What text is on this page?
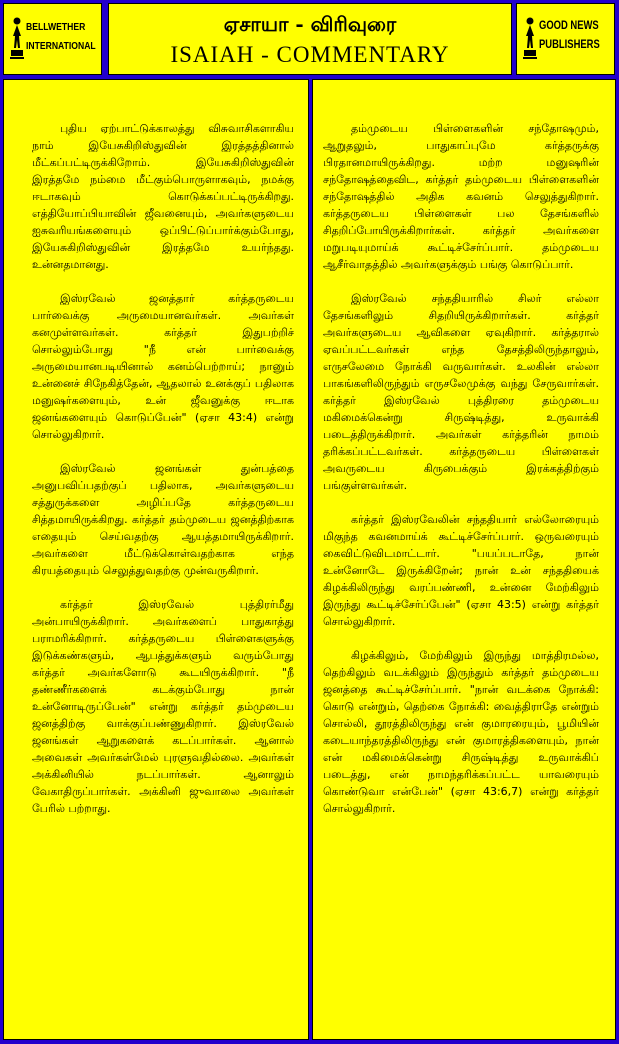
BELLWETHER
INTERNATIONAL
ஏசாயா - விரிவுரை
ISAIAH - COMMENTARY
GOOD NEWS
PUBLISHERS

புதிய ஏற்பாட்டுக்காலத்து விசுவாசிகளாகிய நாம் இயேசுகிறிஸ்துவின் இரத்தத்தினால் மீட்கப்பட்டிருக்கிறோம். இயேசுகிறிஸ்துவின் இரத்தமே நம்மை மீட்கும்பொருளாகவும், நமக்கு ஈடாகவும் கொடுக்கப்பட்டிருக்கிறது. எத்தியோப்பியாவின் ஜீவனையும், அவர்களுடைய ஐசுவரியங்களையும் ஒப்பிட்டுப்பார்க்கும்போது, இயேசுகிறிஸ்துவின் இரத்தமே உயர்ந்தது. உன்னதமானது.

இஸ்ரவேல் ஜனத்தார் கர்த்தருடைய பார்வைக்கு அருமையானவர்கள். அவர்கள் கனமுள்ளவர்கள். கர்த்தர் இதுபற்றிச் சொல்லும்போது "நீ என் பார்வைக்கு அருமையானபடியினால் கனம்பெற்றாய்; நானும் உன்னைச் சிநேகித்தேன், ஆதலால் உனக்குப் பதிலாக மனுஷர்களையும், உன் ஜீவனுக்கு ஈடாக ஜனங்களையும் கொடுப்பேன்" (ஏசா 43:4) என்று சொல்லுகிறார்.

இஸ்ரவேல் ஜனங்கள் துன்பத்தை அனுபவிப்பதற்குப் பதிலாக, அவர்களுடைய சத்துருக்களை அழிப்பதே கர்த்தருடைய சித்தமாயிருக்கிறது. கர்த்தர் தம்முடைய ஜனத்திற்காக எதையும் செய்வதற்கு ஆயத்தமாயிருக்கிறார். அவர்களை மீட்டுக்கொள்வதற்காக எந்த கிரயத்தையும் செலுத்துவதற்கு முன்வருகிறார்.

கர்த்தர் இஸ்ரவேல் புத்திரர்மீது அன்பாயிருக்கிறார். அவர்களைப் பாதுகாத்து பராமரிக்கிறார். கர்த்தருடைய பிள்ளைகளுக்கு இடுக்கண்களும், ஆபத்துக்களும் வரும்போது கர்த்தர் அவர்களோடு கூடயிருக்கிறார். "நீ தண்ணீர்களைக் கடக்கும்போது நான் உன்னோடிருப்பேன்" என்று கர்த்தர் தம்முடைய ஜனத்திற்கு வாக்குப்பண்ணுகிறார். இஸ்ரவேல் ஜனங்கள் ஆறுகளைக் கடப்பார்கள். ஆனால் அவைகள் அவர்கள்மேல் புரளுவதில்லை. அவர்கள் அக்கினியில் நடப்பார்கள். ஆனாலும் வேகாதிருப்பார்கள். அக்கினி ஜுவாலை அவர்கள் பேரில் பற்றாது.

தம்முடைய பிள்ளைகளின் சந்தோஷமும், ஆறுதலும், பாதுகாப்புமே கர்த்தருக்கு பிரதானமாயிருக்கிறது. மற்ற மனுஷரின் சந்தோஷத்தைவிட, கர்த்தர் தம்முடைய பிள்ளைகளின் சந்தோஷத்தில் அதிக கவனம் செலுத்துகிறார். கர்த்தருடைய பிள்ளைகள் பல தேசங்களில் சிதறிப்போயிருக்கிறார்கள். கர்த்தர் அவர்களை மறுபடியுமாய்க் கூட்டிச்சேர்ப்பார். தம்முடைய ஆசீர்வாதத்தில் அவர்களுக்கும் பங்கு கொடுப்பார்.

இஸ்ரவேல் சந்ததியாரில் சிலர் எல்லா தேசங்களிலும் சிதறியிருக்கிறார்கள். கர்த்தர் அவர்களுடைய ஆவிகளை ஏவுகிறார். கர்த்தரால் ஏவப்பட்டவர்கள் எந்த தேசத்திலிருந்தாலும், எருசலேமை நோக்கி வருவார்கள். உலகின் எல்லா பாகங்களிலிருந்தும் எருசலேமுக்கு வந்து சேருவார்கள். கர்த்தர் இஸ்ரவேல் புத்திரரை தம்முடைய மகிமைக்கென்று சிருஷ்டித்து, உருவாக்கி படைத்திருக்கிறார். அவர்கள் கர்த்தரின் நாமம் தரிக்கப்பட்டவர்கள். கர்த்தருடைய பிள்ளைகள் அவருடைய கிருபைக்கும் இரக்கத்திற்கும் பங்குள்ளவர்கள்.

கர்த்தர் இஸ்ரவேலின் சந்ததியார் எல்லோரையும் மிகுந்த கவனமாய்க் கூட்டிச்சேர்ப்பார். ஒருவரையும் கைவிட்டுவிடமாட்டார். "பயப்படாதே, நான் உன்னோடே இருக்கிறேன்; நான் உன் சந்ததியைக் கிழக்கிலிருந்து வரப்பண்ணி, உன்னை மேற்கிலும் இருந்து கூட்டிச்சேர்ப்பேன்" (ஏசா 43:5) என்று கர்த்தர் சொல்லுகிறார்.

கிழக்கிலும், மேற்கிலும் இருந்து மாத்திரமல்ல, தெற்கிலும் வடக்கிலும் இருந்தும் கர்த்தர் தம்முடைய ஜனத்தை கூட்டிச்சேர்ப்பார். "நான் வடக்கை நோக்கி: கொடு என்றும், தெற்கை நோக்கி: வைத்திராதே என்றும் சொல்லி, தூரத்திலிருந்து என் குமாரரையும், பூமியின் கடையாந்தரத்திலிருந்து என் குமாரத்திகளையும், நான் என் மகிமைக்கென்று சிருஷ்டித்து உருவாக்கிப் படைத்து, என் நாமந்தரிக்கப்பட்ட யாவரையும் கொண்டுவா என்பேன்" (ஏசா 43:6,7) என்று கர்த்தர் சொல்லுகிறார்.
